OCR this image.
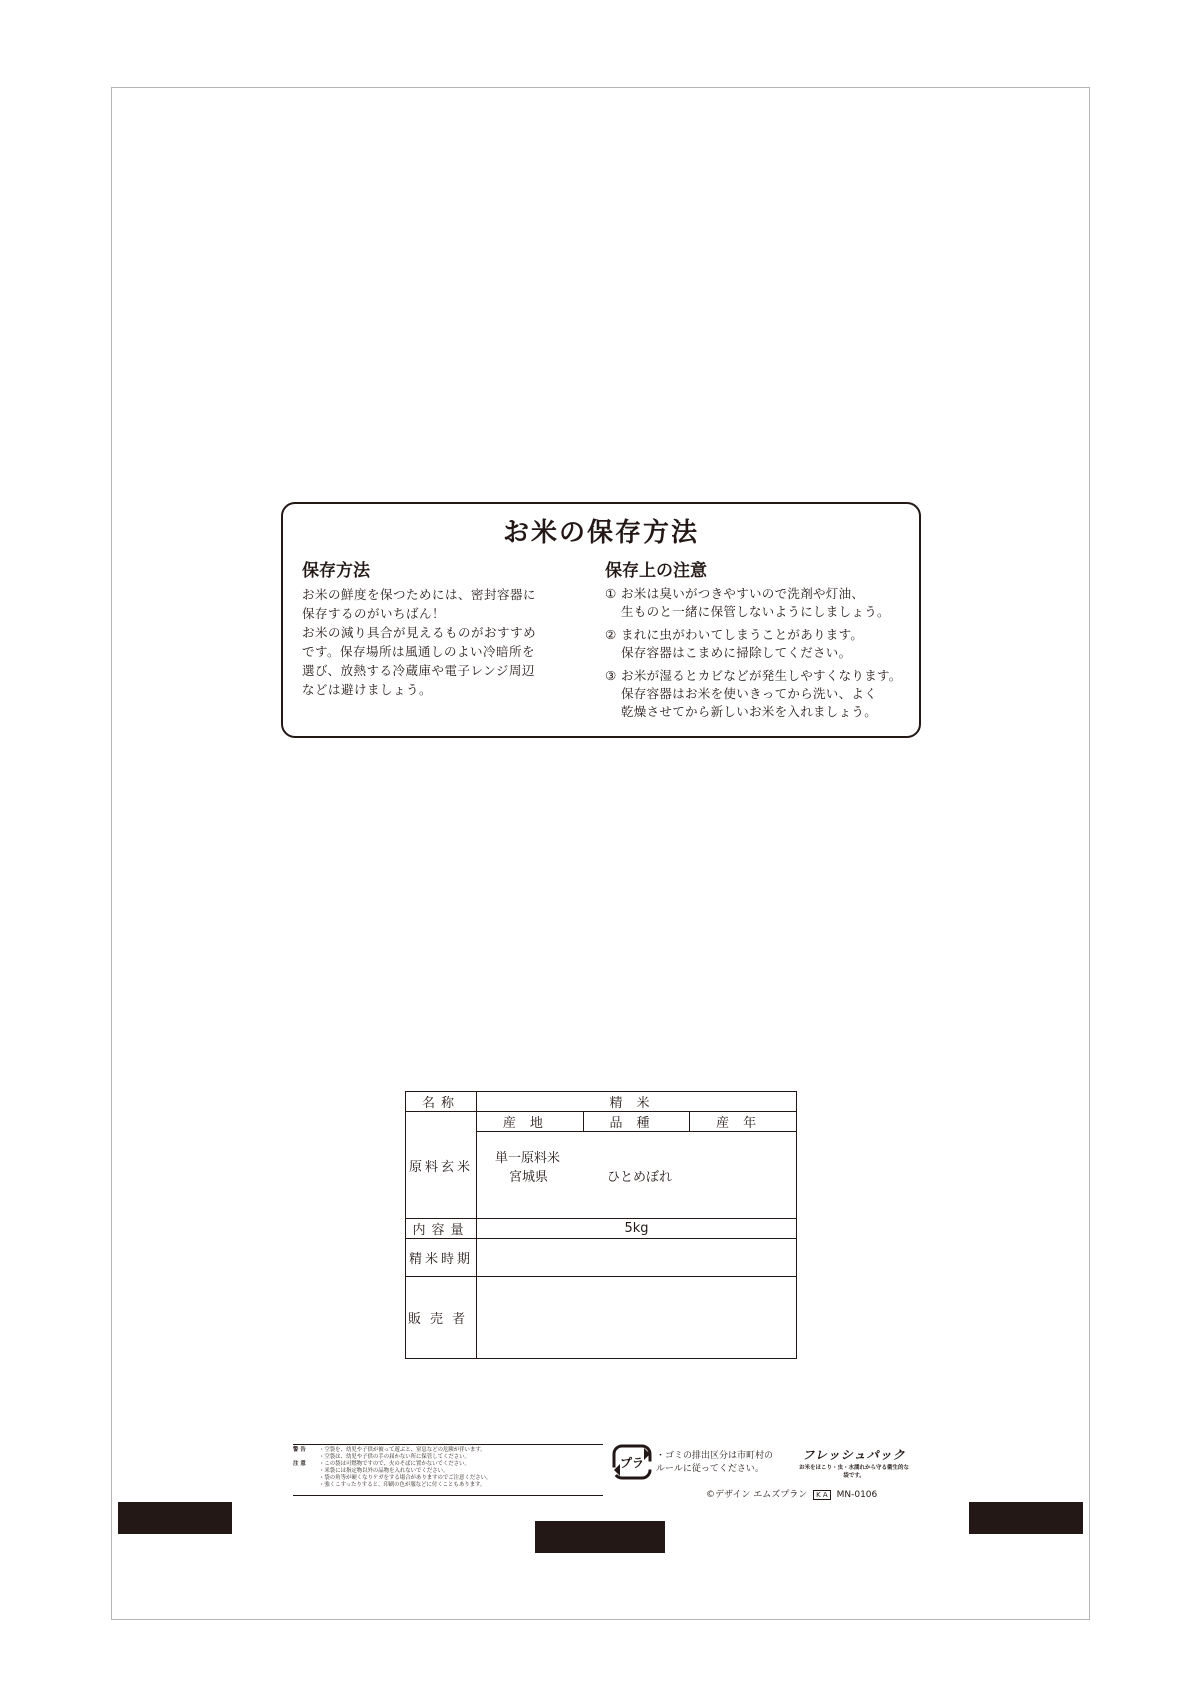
お米の保存方法
保存方法
お米の鮮度を保つためには、密封容器に
保存するのがいちばん！
お米の減り具合が見えるものがおすすめ
です。保存場所は風通しのよい冷暗所を
選び、放熱する冷蔵庫や電子レンジ周辺
などは避けましょう。
保存上の注意
① お米は臭いがつきやすいので洗剤や灯油、
生ものと一緒に保管しないようにしましょう。
② まれに虫がわいてしまうことがあります。
保存容器はこまめに掃除してください。
③ お米が湿るとカビなどが発生しやすくなります。
保存容器はお米を使いきってから洗い、よく
乾燥させてから新しいお米を入れましょう。
名称	精米
原料玄米	
産地	品種	産年
単一原料米
宮城県	ひとめぼれ

内容量	5kg
精米時期	
販売者	
警告	・空袋を、幼児や子供が被って遊ぶと、窒息などの危険が伴います。
・空袋は、幼児や子供の手の届かない所に保管してください。
注意	・この袋は可燃物ですので、火のそばに置かないでください。
・米袋には指定物以外の品物を入れないでください。
・袋の角等が硬くなりケガをする場合がありますのでご注意ください。
・強くこすったりすると、印刷の色が服などに付くこともあります。
プラ ・ゴミの排出区分は市町村の
ルールに従ってください。
フレッシュパック
お米をほこり・虫・水濡れから守る衛生的な袋です。
©デザイン エムズプラン K A MN-0106
